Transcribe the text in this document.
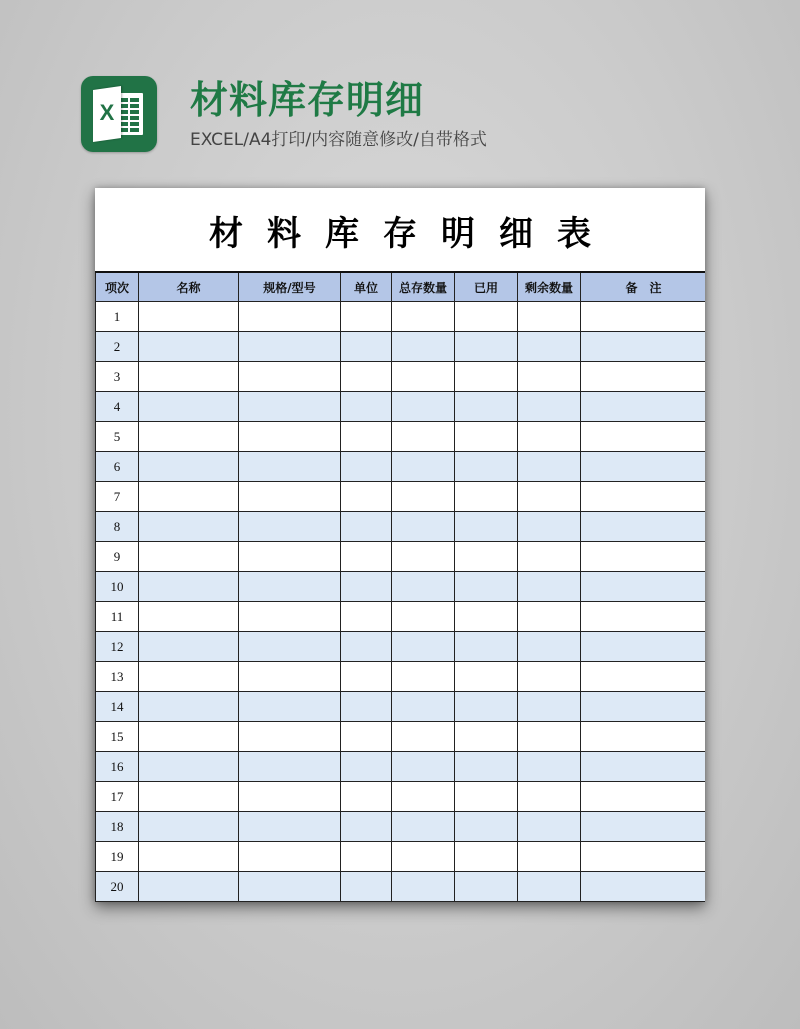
X 材料库存明细
EXCEL/A4打印/内容随意修改/自带格式
材料库存明细表
项次	名称	规格/型号	单位	总存数量	已用	剩余数量	备　注
1							
2							
3							
4							
5							
6							
7							
8							
9							
10							
11							
12							
13							
14							
15							
16							
17							
18							
19							
20							
